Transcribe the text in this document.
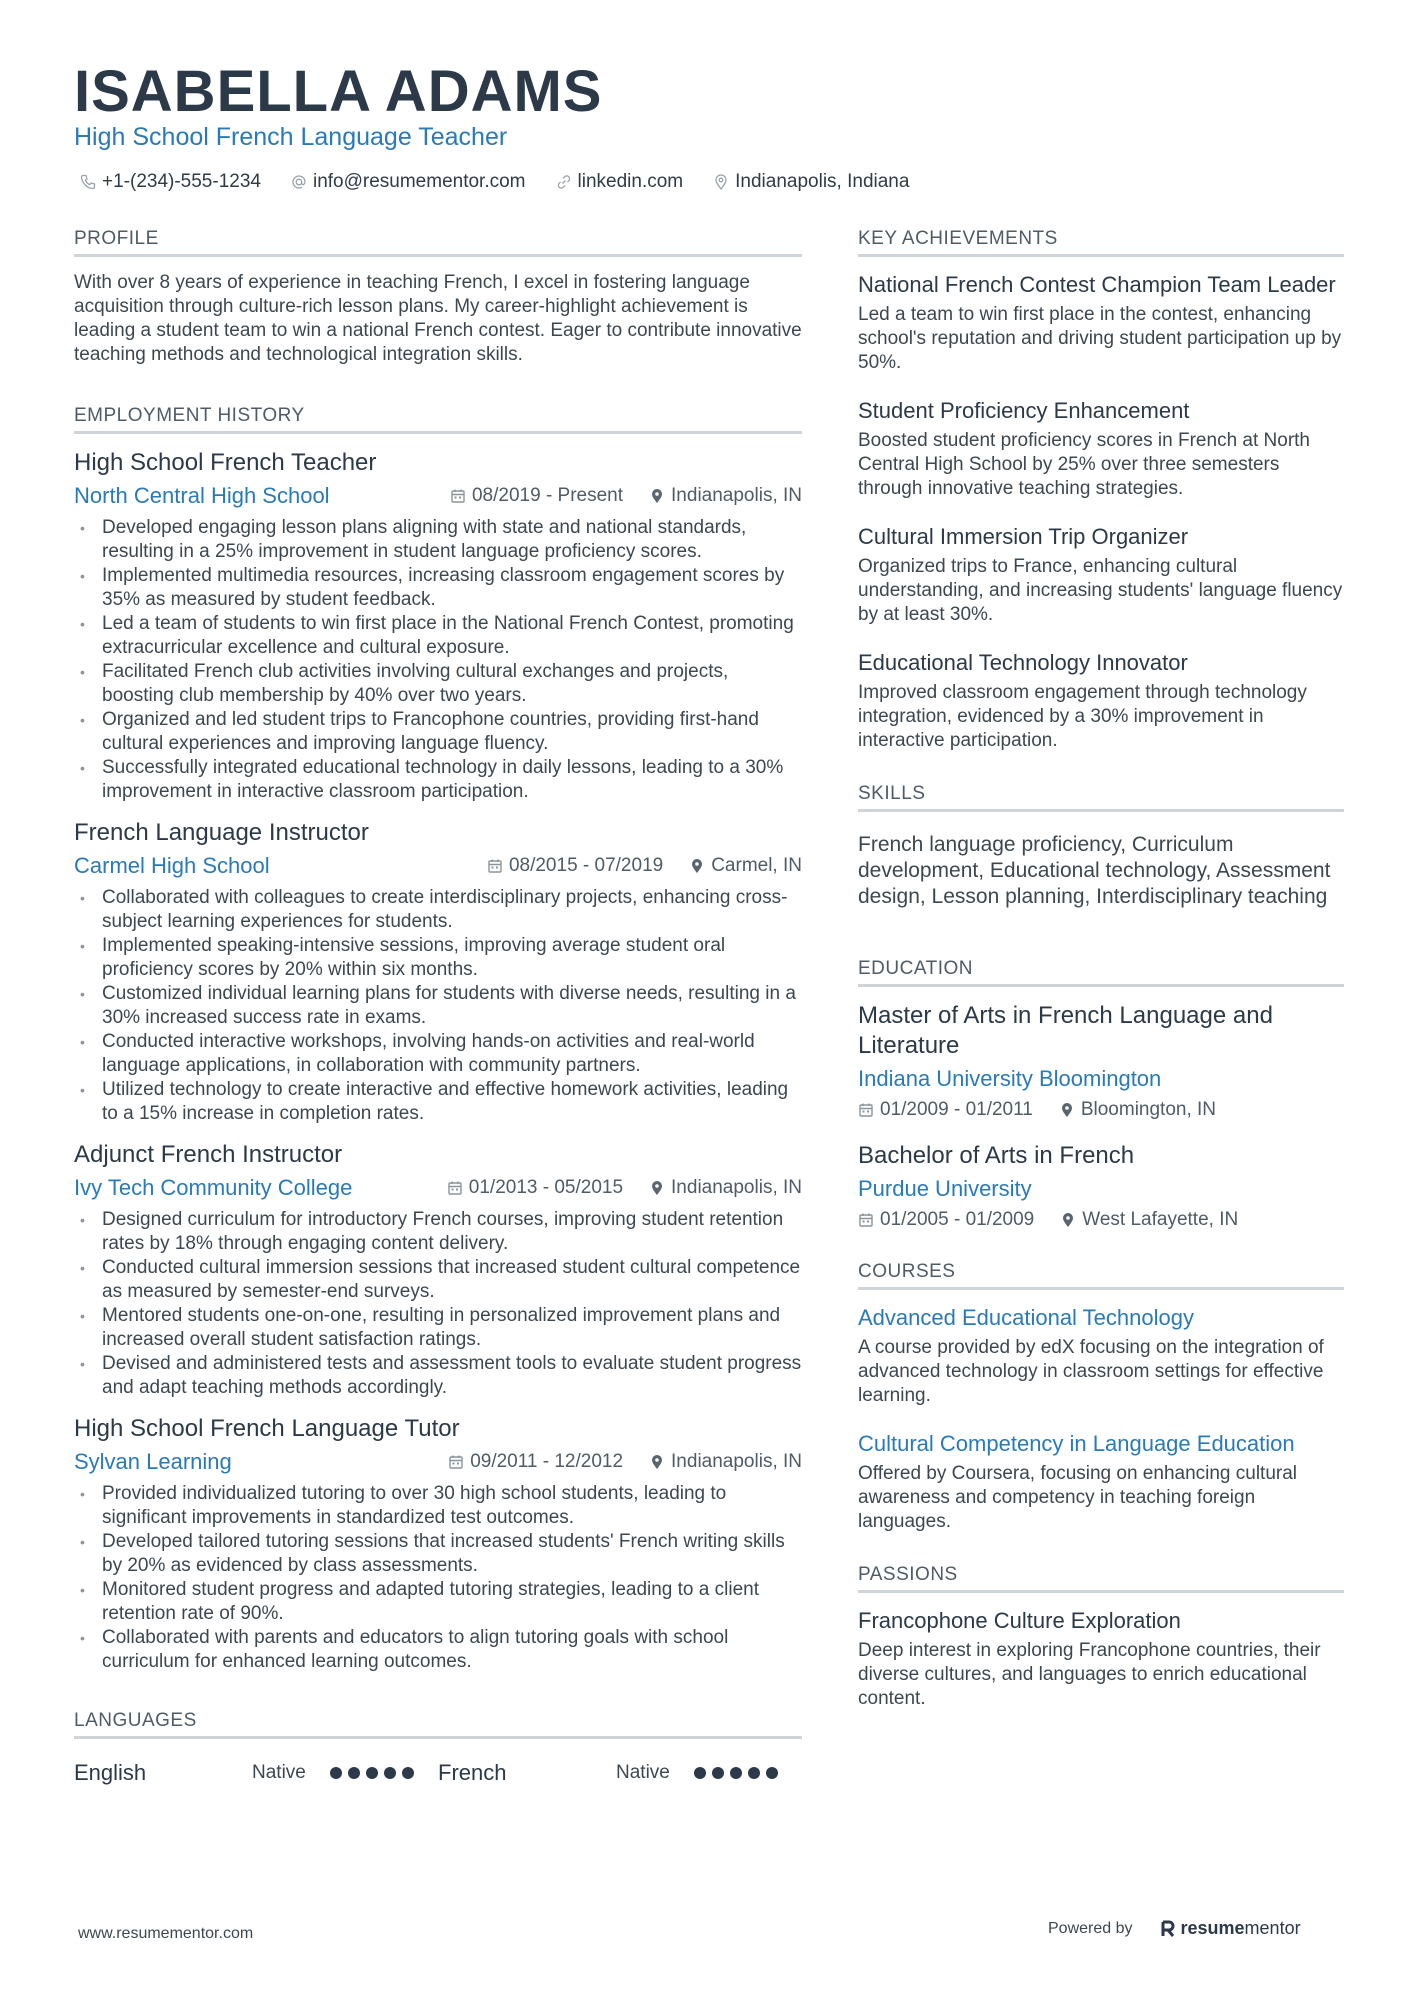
ISABELLA ADAMS
High School French Language Teacher
+1-(234)-555-1234	info@resumementor.com	linkedin.com	Indianapolis, Indiana
PROFILE
With over 8 years of experience in teaching French, I excel in fostering language acquisition through culture-rich lesson plans. My career-highlight achievement is leading a student team to win a national French contest. Eager to contribute innovative teaching methods and technological integration skills.
EMPLOYMENT HISTORY
High School French Teacher
North Central High School	08/2019 - Present	Indianapolis, IN
• Developed engaging lesson plans aligning with state and national standards, resulting in a 25% improvement in student language proficiency scores.
• Implemented multimedia resources, increasing classroom engagement scores by 35% as measured by student feedback.
• Led a team of students to win first place in the National French Contest, promoting extracurricular excellence and cultural exposure.
• Facilitated French club activities involving cultural exchanges and projects, boosting club membership by 40% over two years.
• Organized and led student trips to Francophone countries, providing first-hand cultural experiences and improving language fluency.
• Successfully integrated educational technology in daily lessons, leading to a 30% improvement in interactive classroom participation.
French Language Instructor
Carmel High School	08/2015 - 07/2019	Carmel, IN
• Collaborated with colleagues to create interdisciplinary projects, enhancing cross-subject learning experiences for students.
• Implemented speaking-intensive sessions, improving average student oral proficiency scores by 20% within six months.
• Customized individual learning plans for students with diverse needs, resulting in a 30% increased success rate in exams.
• Conducted interactive workshops, involving hands-on activities and real-world language applications, in collaboration with community partners.
• Utilized technology to create interactive and effective homework activities, leading to a 15% increase in completion rates.
Adjunct French Instructor
Ivy Tech Community College	01/2013 - 05/2015	Indianapolis, IN
• Designed curriculum for introductory French courses, improving student retention rates by 18% through engaging content delivery.
• Conducted cultural immersion sessions that increased student cultural competence as measured by semester-end surveys.
• Mentored students one-on-one, resulting in personalized improvement plans and increased overall student satisfaction ratings.
• Devised and administered tests and assessment tools to evaluate student progress and adapt teaching methods accordingly.
High School French Language Tutor
Sylvan Learning	09/2011 - 12/2012	Indianapolis, IN
• Provided individualized tutoring to over 30 high school students, leading to significant improvements in standardized test outcomes.
• Developed tailored tutoring sessions that increased students' French writing skills by 20% as evidenced by class assessments.
• Monitored student progress and adapted tutoring strategies, leading to a client retention rate of 90%.
• Collaborated with parents and educators to align tutoring goals with school curriculum for enhanced learning outcomes.
LANGUAGES
English	Native	French	Native
KEY ACHIEVEMENTS
National French Contest Champion Team Leader
Led a team to win first place in the contest, enhancing school's reputation and driving student participation up by 50%.
Student Proficiency Enhancement
Boosted student proficiency scores in French at North Central High School by 25% over three semesters through innovative teaching strategies.
Cultural Immersion Trip Organizer
Organized trips to France, enhancing cultural understanding, and increasing students' language fluency by at least 30%.
Educational Technology Innovator
Improved classroom engagement through technology integration, evidenced by a 30% improvement in interactive participation.
SKILLS
French language proficiency, Curriculum development, Educational technology, Assessment design, Lesson planning, Interdisciplinary teaching
EDUCATION
Master of Arts in French Language and Literature
Indiana University Bloomington
01/2009 - 01/2011	Bloomington, IN
Bachelor of Arts in French
Purdue University
01/2005 - 01/2009	West Lafayette, IN
COURSES
Advanced Educational Technology
A course provided by edX focusing on the integration of advanced technology in classroom settings for effective learning.
Cultural Competency in Language Education
Offered by Coursera, focusing on enhancing cultural awareness and competency in teaching foreign languages.
PASSIONS
Francophone Culture Exploration
Deep interest in exploring Francophone countries, their diverse cultures, and languages to enrich educational content.
www.resumementor.com	Powered by	resumementor
